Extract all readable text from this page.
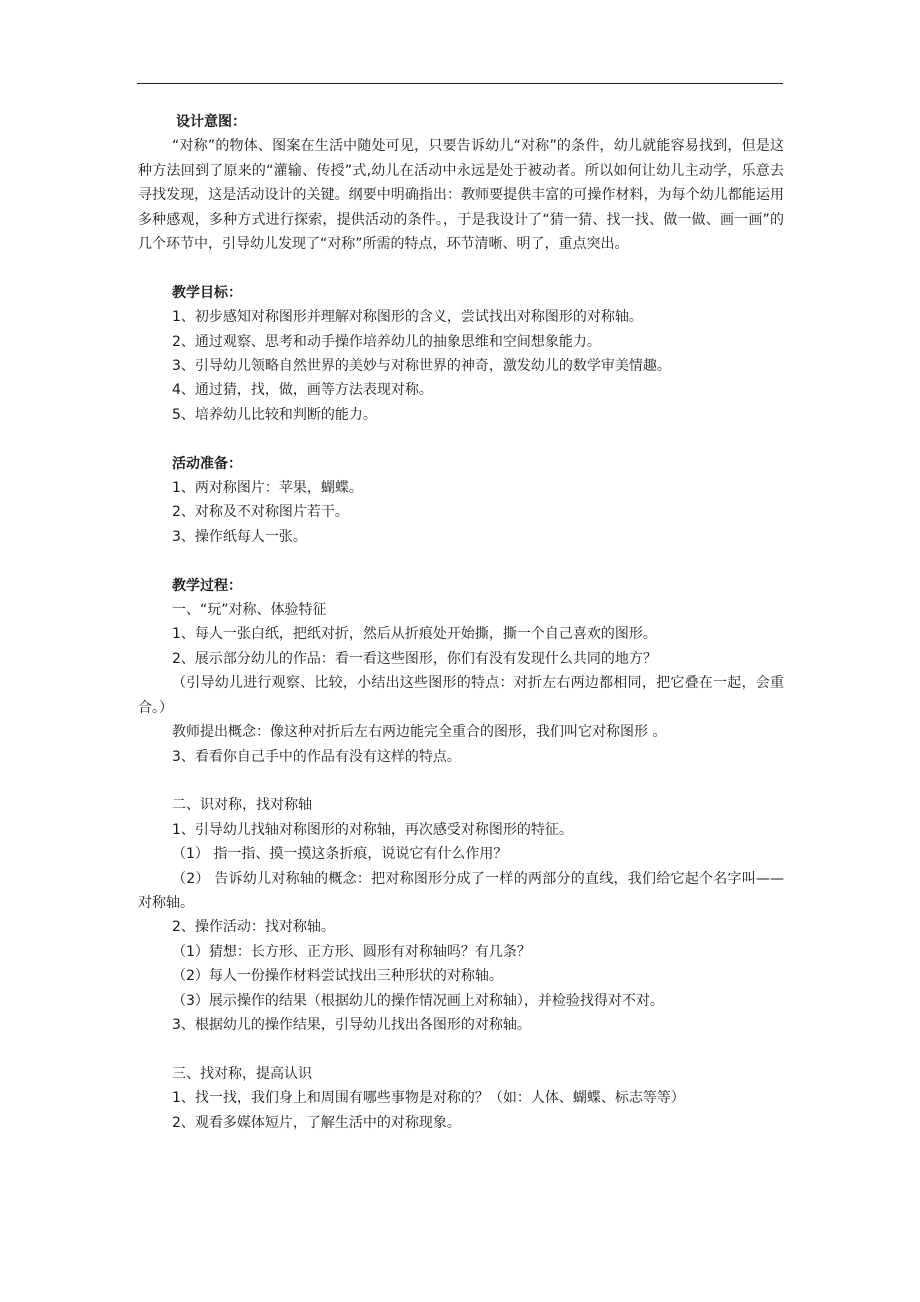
设计意图：

“对称”的物体、图案在生活中随处可见，只要告诉幼儿“对称”的条件，幼儿就能容易找到，但是这种方法回到了原来的“灌输、传授”式,幼儿在活动中永远是处于被动者。所以如何让幼儿主动学，乐意去寻找发现，这是活动设计的关键。纲要中明确指出：教师要提供丰富的可操作材料，为每个幼儿都能运用多种感观，多种方式进行探索，提供活动的条件。，于是我设计了“猜一猜、找一找、做一做、画一画”的几个环节中，引导幼儿发现了“对称”所需的特点，环节清晰、明了，重点突出。

教学目标：

1、初步感知对称图形并理解对称图形的含义，尝试找出对称图形的对称轴。

2、通过观察、思考和动手操作培养幼儿的抽象思维和空间想象能力。

3、引导幼儿领略自然世界的美妙与对称世界的神奇，激发幼儿的数学审美情趣。

4、通过猜，找，做，画等方法表现对称。

5、培养幼儿比较和判断的能力。

活动准备：

1、两对称图片：苹果，蝴蝶。

2、对称及不对称图片若干。

3、操作纸每人一张。

教学过程：

一、“玩”对称、体验特征

1、每人一张白纸，把纸对折，然后从折痕处开始撕，撕一个自己喜欢的图形。

2、展示部分幼儿的作品：看一看这些图形，你们有没有发现什么共同的地方？

（引导幼儿进行观察、比较，小结出这些图形的特点：对折左右两边都相同，把它叠在一起，会重合。）

教师提出概念：像这种对折后左右两边能完全重合的图形，我们叫它对称图形 。

3、看看你自己手中的作品有没有这样的特点。

二、识对称，找对称轴

1、引导幼儿找轴对称图形的对称轴，再次感受对称图形的特征。

（1） 指一指、摸一摸这条折痕，说说它有什么作用？

（2） 告诉幼儿对称轴的概念：把对称图形分成了一样的两部分的直线，我们给它起个名字叫——对称轴。

2、操作活动：找对称轴。

（1）猜想：长方形、正方形、圆形有对称轴吗？有几条？

（2）每人一份操作材料尝试找出三种形状的对称轴。

（3）展示操作的结果（根据幼儿的操作情况画上对称轴），并检验找得对不对。

3、根据幼儿的操作结果，引导幼儿找出各图形的对称轴。

三、找对称，提高认识

1、找一找，我们身上和周围有哪些事物是对称的？（如：人体、蝴蝶、标志等等）

2、观看多媒体短片，了解生活中的对称现象。
